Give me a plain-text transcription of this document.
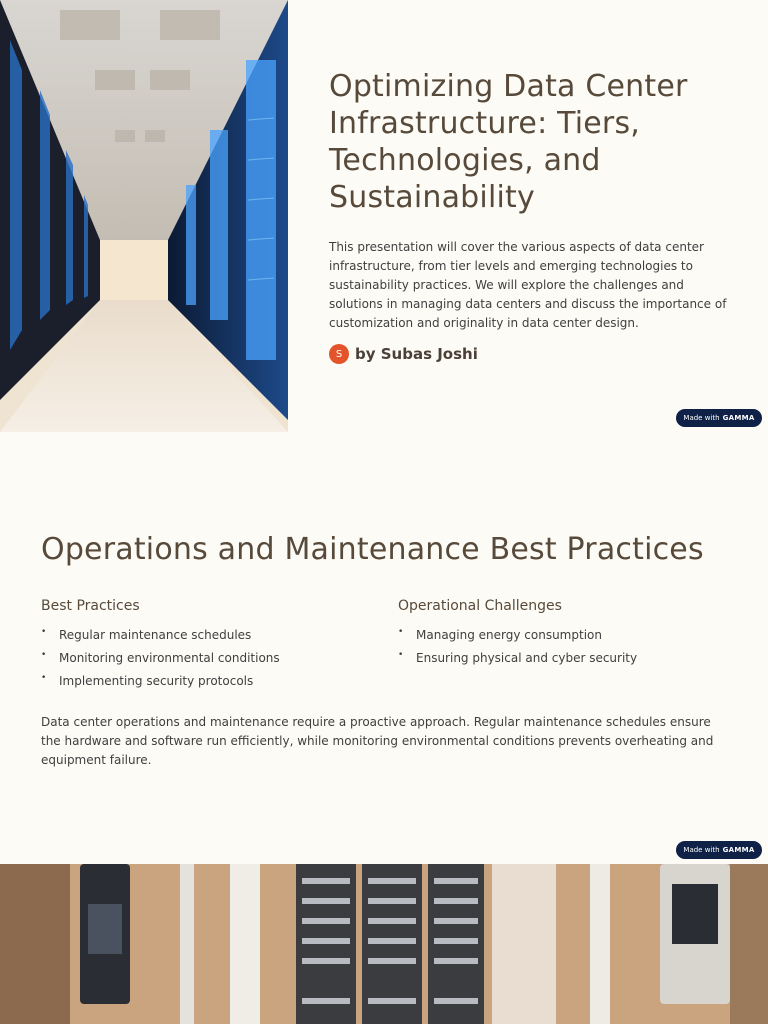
Optimizing Data Center Infrastructure: Tiers, Technologies, and Sustainability

This presentation will cover the various aspects of data center infrastructure, from tier levels and emerging technologies to sustainability practices. We will explore the challenges and solutions in managing data centers and discuss the importance of customization and originality in data center design.

S by Subas Joshi
Made with GAMMA
Operations and Maintenance Best Practices
Best Practices
• Regular maintenance schedules
• Monitoring environmental conditions
• Implementing security protocols
Operational Challenges
• Managing energy consumption
• Ensuring physical and cyber security

Data center operations and maintenance require a proactive approach. Regular maintenance schedules ensure the hardware and software run efficiently, while monitoring environmental conditions prevents overheating and equipment failure.

Made with GAMMA
